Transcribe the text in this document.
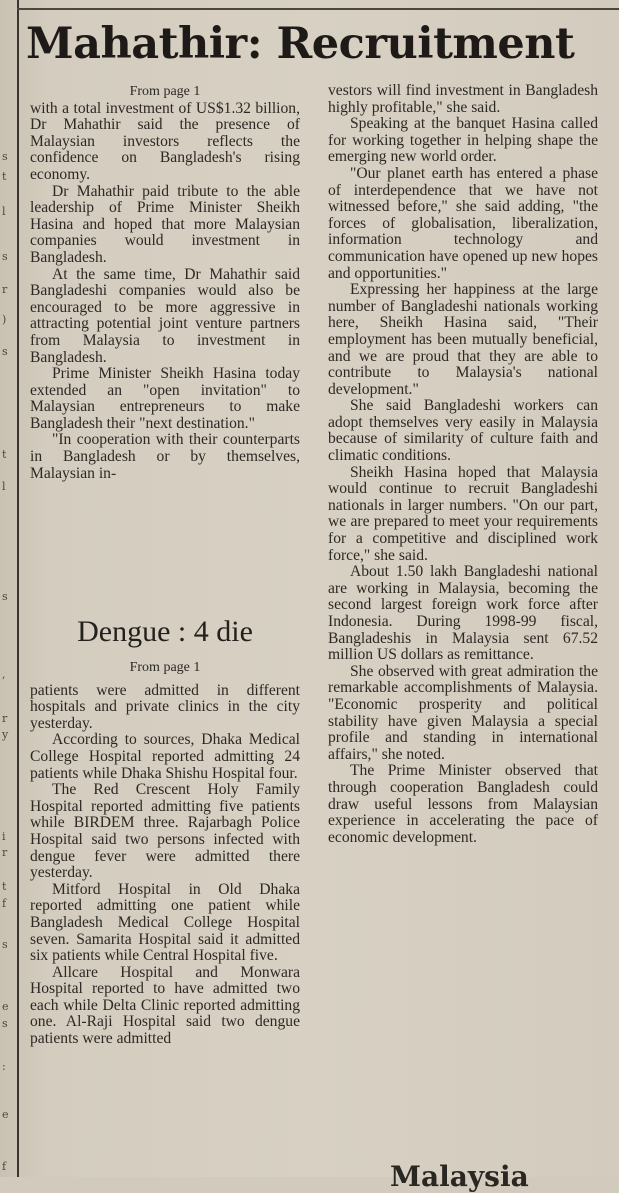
s
t
l
s
r
)
s
t
l
s
,
r
y
i
r
t
f
s
e
s
:
e
f
Mahathir: Recruitment
From page 1

with a total investment of US$1.32 billion, Dr Mahathir said the presence of Malaysian investors reflects the confidence on Bangladesh's rising economy.

Dr Mahathir paid tribute to the able leadership of Prime Minister Sheikh Hasina and hoped that more Malaysian companies would investment in Bangladesh.

At the same time, Dr Mahathir said Bangladeshi companies would also be encouraged to be more aggressive in attracting potential joint venture partners from Malaysia to investment in Bangladesh.

Prime Minister Sheikh Hasina today extended an "open invitation" to Malaysian entrepreneurs to make Bangladesh their "next destination."

"In cooperation with their counterparts in Bangladesh or by themselves, Malaysian in-

Dengue : 4 die
From page 1

patients were admitted in different hospitals and private clinics in the city yesterday.

According to sources, Dhaka Medical College Hospital reported admitting 24 patients while Dhaka Shishu Hospital four.

The Red Crescent Holy Family Hospital reported admitting five patients while BIRDEM three. Rajarbagh Police Hospital said two persons infected with dengue fever were admitted there yesterday.

Mitford Hospital in Old Dhaka reported admitting one patient while Bangladesh Medical College Hospital seven. Samarita Hospital said it admitted six patients while Central Hospital five.

Allcare Hospital and Monwara Hospital reported to have admitted two each while Delta Clinic reported admitting one. Al-Raji Hospital said two dengue patients were admitted

vestors will find investment in Bangladesh highly profitable," she said.

Speaking at the banquet Hasina called for working together in helping shape the emerging new world order.

"Our planet earth has entered a phase of interdependence that we have not witnessed before," she said adding, "the forces of globalisation, liberalization, information technology and communication have opened up new hopes and opportunities."

Expressing her happiness at the large number of Bangladeshi nationals working here, Sheikh Hasina said, "Their employment has been mutually beneficial, and we are proud that they are able to contribute to Malaysia's national development."

She said Bangladeshi workers can adopt themselves very easily in Malaysia because of similarity of culture faith and climatic conditions.

Sheikh Hasina hoped that Malaysia would continue to recruit Bangladeshi nationals in larger numbers. "On our part, we are prepared to meet your requirements for a competitive and disciplined work force," she said.

About 1.50 lakh Bangladeshi national are working in Malaysia, becoming the second largest foreign work force after Indonesia. During 1998-99 fiscal, Bangladeshis in Malaysia sent 67.52 million US dollars as remittance.

She observed with great admiration the remarkable accomplishments of Malaysia. "Economic prosperity and political stability have given Malaysia a special profile and standing in international affairs," she noted.

The Prime Minister observed that through cooperation Bangladesh could draw useful lessons from Malaysian experience in accelerating the pace of economic development.

Malaysia
